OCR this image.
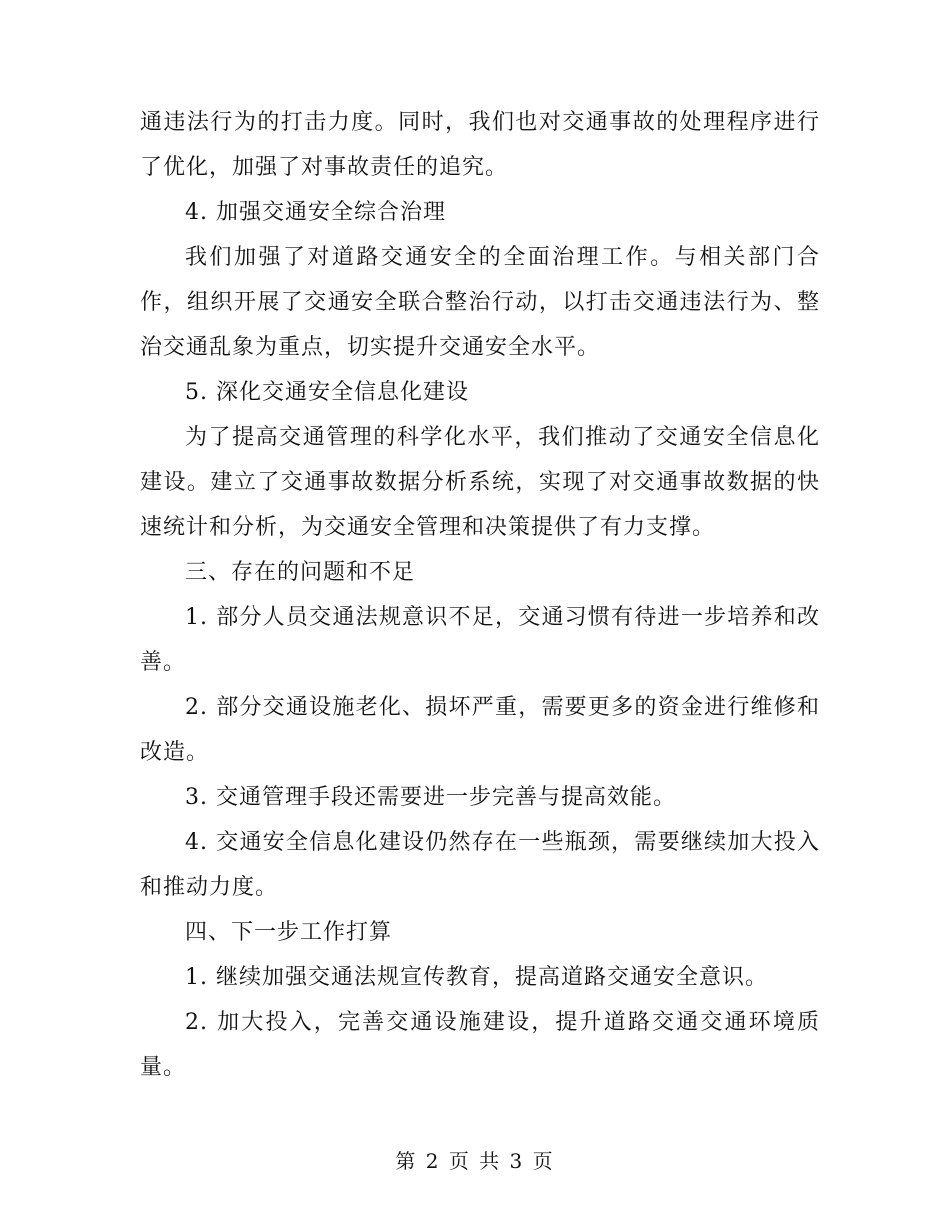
通违法行为的打击力度。同时，我们也对交通事故的处理程序进行了优化，加强了对事故责任的追究。

4. 加强交通安全综合治理

我们加强了对道路交通安全的全面治理工作。与相关部门合作，组织开展了交通安全联合整治行动，以打击交通违法行为、整治交通乱象为重点，切实提升交通安全水平。

5. 深化交通安全信息化建设

为了提高交通管理的科学化水平，我们推动了交通安全信息化建设。建立了交通事故数据分析系统，实现了对交通事故数据的快速统计和分析，为交通安全管理和决策提供了有力支撑。

三、存在的问题和不足

1. 部分人员交通法规意识不足，交通习惯有待进一步培养和改善。

2. 部分交通设施老化、损坏严重，需要更多的资金进行维修和改造。

3. 交通管理手段还需要进一步完善与提高效能。

4. 交通安全信息化建设仍然存在一些瓶颈，需要继续加大投入和推动力度。

四、下一步工作打算

1. 继续加强交通法规宣传教育，提高道路交通安全意识。

2. 加大投入，完善交通设施建设，提升道路交通交通环境质量。

第 2 页 共 3 页
